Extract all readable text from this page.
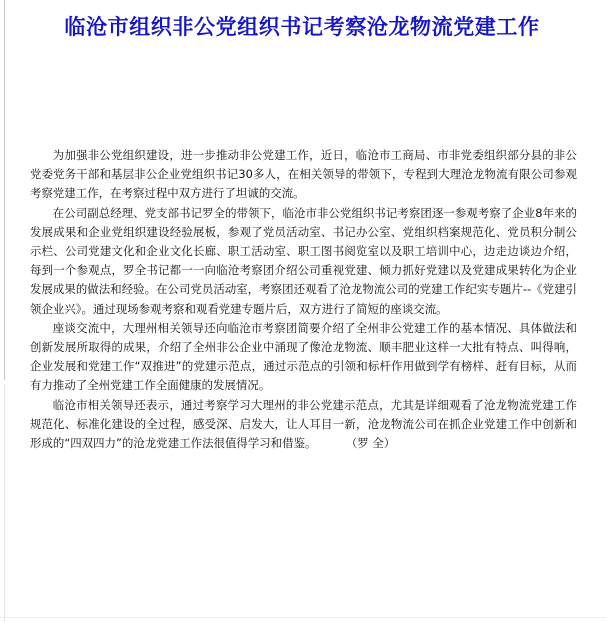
临沧市组织非公党组织书记考察沧龙物流党建工作

为加强非公党组织建设，进一步推动非公党建工作，近日，临沧市工商局、市非党委组织部分县的非公党委党务干部和基层非公企业党组织书记30多人，在相关领导的带领下，专程到大理沧龙物流有限公司参观考察党建工作，在考察过程中双方进行了坦诚的交流。

在公司副总经理、党支部书记罗全的带领下，临沧市非公党组织书记考察团逐一参观考察了企业8年来的发展成果和企业党组织建设经验展板，参观了党员活动室、书记办公室、党组织档案规范化、党员积分制公示栏、公司党建文化和企业文化长廊、职工活动室、职工图书阅览室以及职工培训中心，边走边谈边介绍，每到一个参观点，罗全书记都一一向临沧考察团介绍公司重视党建、倾力抓好党建以及党建成果转化为企业发展成果的做法和经验。在公司党员活动室，考察团还观看了沧龙物流公司的党建工作纪实专题片--《党建引领企业兴》。通过现场参观考察和观看党建专题片后，双方进行了简短的座谈交流。

座谈交流中，大理州相关领导还向临沧市考察团简要介绍了全州非公党建工作的基本情况、具体做法和创新发展所取得的成果，介绍了全州非公企业中涌现了像沧龙物流、顺丰肥业这样一大批有特点、叫得响，企业发展和党建工作“双推进”的党建示范点，通过示范点的引领和标杆作用做到学有榜样、赶有目标，从而有力推动了全州党建工作全面健康的发展情况。

临沧市相关领导还表示，通过考察学习大理州的非公党建示范点，尤其是详细观看了沧龙物流党建工作规范化、标准化建设的全过程，感受深、启发大，让人耳目一新，沧龙物流公司在抓企业党建工作中创新和形成的“四双四力”的沧龙党建工作法很值得学习和借鉴。	（罗 全）
